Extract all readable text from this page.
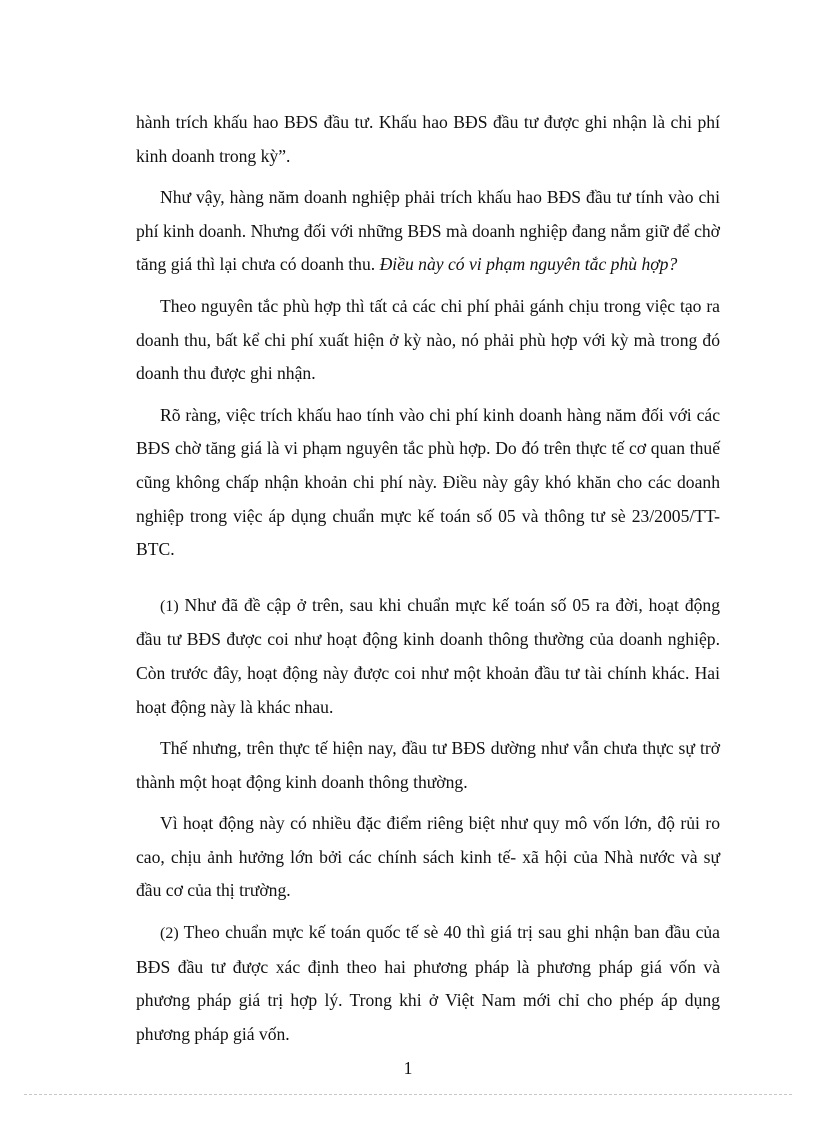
hành trích khấu hao BĐS đầu tư. Khấu hao BĐS đầu tư được ghi nhận là chi phí kinh doanh trong kỳ”.

Như vậy, hàng năm doanh nghiệp phải trích khấu hao BĐS đầu tư tính vào chi phí kinh doanh. Nhưng đối với những BĐS mà doanh nghiệp đang nắm giữ để chờ tăng giá thì lại chưa có doanh thu. Điều này có vi phạm nguyên tắc phù hợp?

Theo nguyên tắc phù hợp thì tất cả các chi phí phải gánh chịu trong việc tạo ra doanh thu, bất kể chi phí xuất hiện ở kỳ nào, nó phải phù hợp với kỳ mà trong đó doanh thu được ghi nhận.

Rõ ràng, việc trích khấu hao tính vào chi phí kinh doanh hàng năm đối với các BĐS chờ tăng giá là vi phạm nguyên tắc phù hợp. Do đó trên thực tế cơ quan thuế cũng không chấp nhận khoản chi phí này. Điều này gây khó khăn cho các doanh nghiệp trong việc áp dụng chuẩn mực kế toán số 05 và thông tư sè 23/2005/TT-BTC.

(1) Như đã đề cập ở trên, sau khi chuẩn mực kế toán số 05 ra đời, hoạt động đầu tư BĐS được coi như hoạt động kinh doanh thông thường của doanh nghiệp. Còn trước đây, hoạt động này được coi như một khoản đầu tư tài chính khác. Hai hoạt động này là khác nhau.

Thế nhưng, trên thực tế hiện nay, đầu tư BĐS dường như vẫn chưa thực sự trở thành một hoạt động kinh doanh thông thường.

Vì hoạt động này có nhiều đặc điểm riêng biệt như quy mô vốn lớn, độ rủi ro cao, chịu ảnh hưởng lớn bởi các chính sách kinh tế- xã hội của Nhà nước và sự đầu cơ của thị trường.

(2) Theo chuẩn mực kế toán quốc tế sè 40 thì giá trị sau ghi nhận ban đầu của BĐS đầu tư được xác định theo hai phương pháp là phương pháp giá vốn và phương pháp giá trị hợp lý. Trong khi ở Việt Nam mới chỉ cho phép áp dụng phương pháp giá vốn.

1
